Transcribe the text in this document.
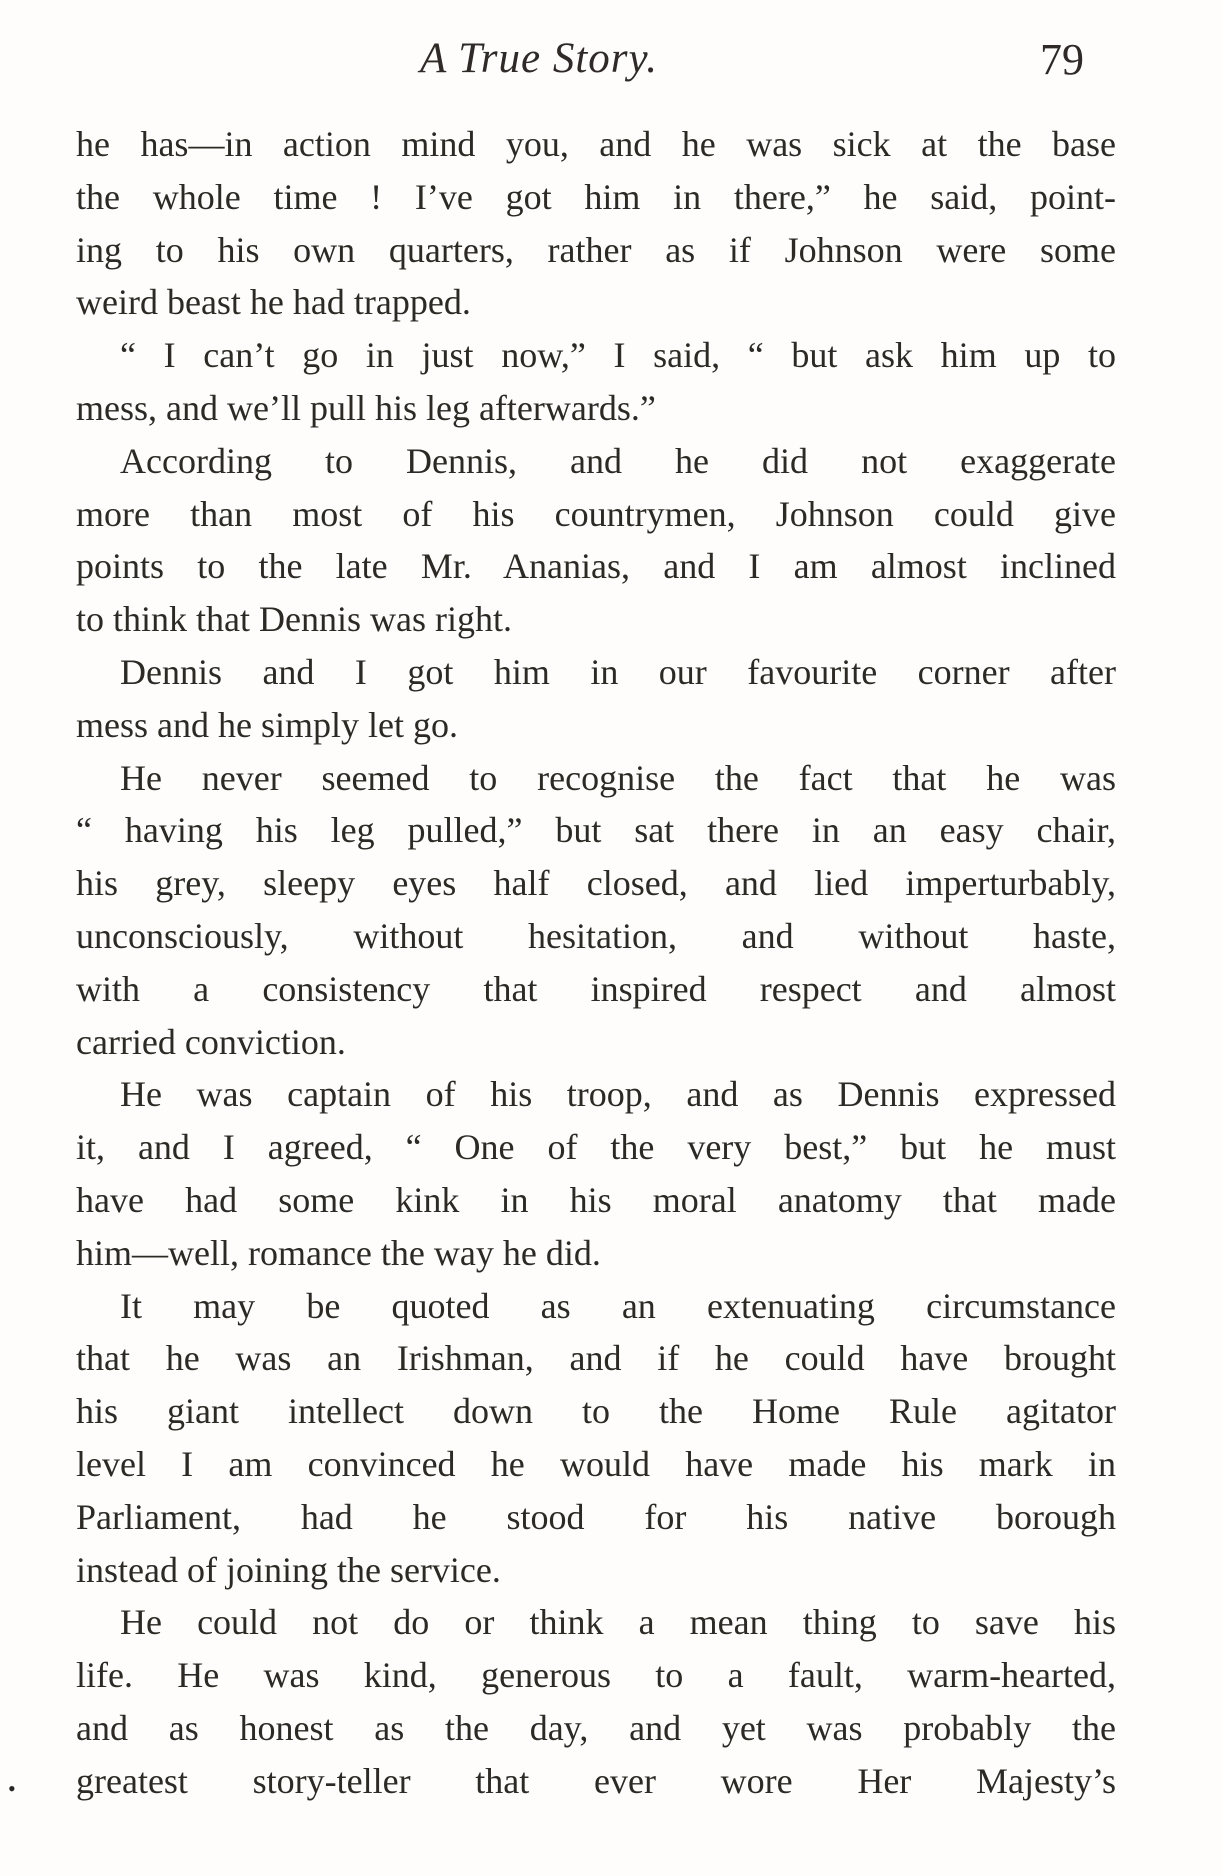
A True Story.	79
he has—in action mind you, and he was sick at the base
the whole time ! I’ve got him in there,” he said, point-
ing to his own quarters, rather as if Johnson were some
weird beast he had trapped.
“ I can’t go in just now,” I said, “ but ask him up to
mess, and we’ll pull his leg afterwards.”
According to Dennis, and he did not exaggerate
more than most of his countrymen, Johnson could give
points to the late Mr. Ananias, and I am almost inclined
to think that Dennis was right.
Dennis and I got him in our favourite corner after
mess and he simply let go.
He never seemed to recognise the fact that he was
“ having his leg pulled,” but sat there in an easy chair,
his grey, sleepy eyes half closed, and lied imperturbably,
unconsciously, without hesitation, and without haste,
with a consistency that inspired respect and almost
carried conviction.
He was captain of his troop, and as Dennis expressed
it, and I agreed, “ One of the very best,” but he must
have had some kink in his moral anatomy that made
him—well, romance the way he did.
It may be quoted as an extenuating circumstance
that he was an Irishman, and if he could have brought
his giant intellect down to the Home Rule agitator
level I am convinced he would have made his mark in
Parliament, had he stood for his native borough
instead of joining the service.
He could not do or think a mean thing to save his
life. He was kind, generous to a fault, warm-hearted,
and as honest as the day, and yet was probably the
greatest story-teller that ever wore Her Majesty’s
•
